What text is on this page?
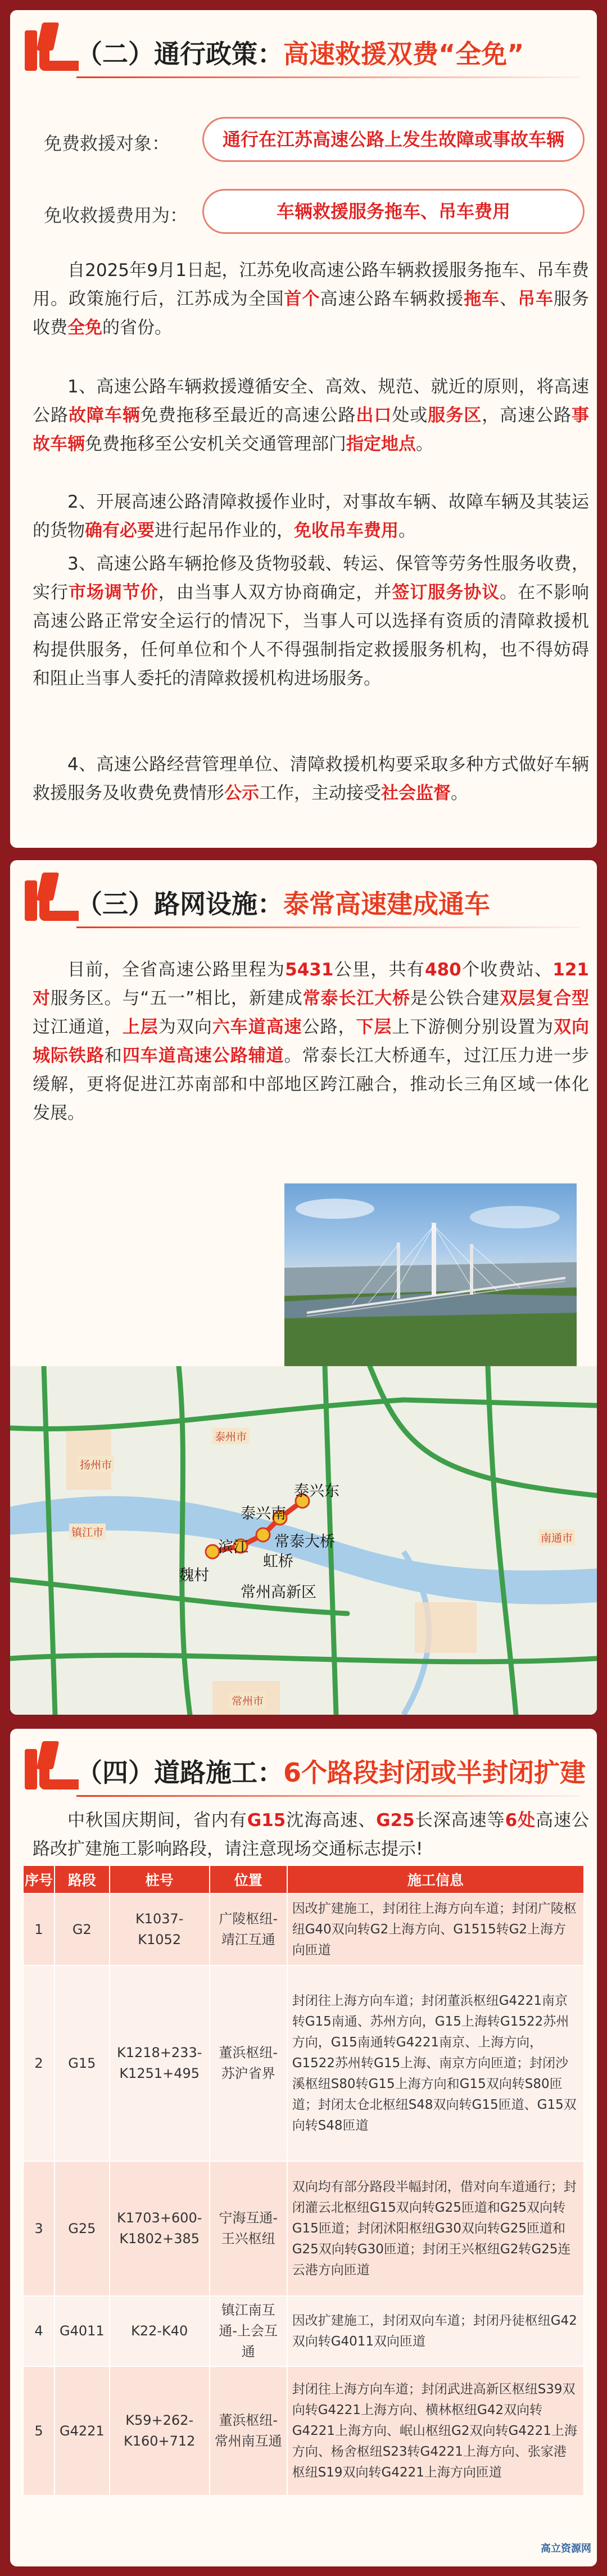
（二）通行政策：高速救援双费“全免”
免费救援对象：	通行在江苏高速公路上发生故障或事故车辆
免收救援费用为：	车辆救援服务拖车、吊车费用
自2025年9月1日起，江苏免收高速公路车辆救援服务拖车、吊车费用。政策施行后，江苏成为全国首个高速公路车辆救援拖车、吊车服务收费全免的省份。
1、高速公路车辆救援遵循安全、高效、规范、就近的原则，将高速公路故障车辆免费拖移至最近的高速公路出口处或服务区，高速公路事故车辆免费拖移至公安机关交通管理部门指定地点。
2、开展高速公路清障救援作业时，对事故车辆、故障车辆及其装运的货物确有必要进行起吊作业的，免收吊车费用。
3、高速公路车辆抢修及货物驳载、转运、保管等劳务性服务收费，实行市场调节价，由当事人双方协商确定，并签订服务协议。在不影响高速公路正常安全运行的情况下，当事人可以选择有资质的清障救援机构提供服务，任何单位和个人不得强制指定救援服务机构，也不得妨碍和阻止当事人委托的清障救援机构进场服务。
4、高速公路经营管理单位、清障救援机构要采取多种方式做好车辆救援服务及收费免费情形公示工作，主动接受社会监督。
（三）路网设施：泰常高速建成通车
目前，全省高速公路里程为5431公里，共有480个收费站、121对服务区。与“五一”相比，新建成常泰长江大桥是公铁合建双层复合型过江通道，上层为双向六车道高速公路，下层上下游侧分别设置为双向城际铁路和四车道高速公路辅道。常泰长江大桥通车，过江压力进一步缓解，更将促进江苏南部和中部地区跨江融合，推动长三角区域一体化发展。
泰兴东
泰兴南
常泰大桥
虹桥
魏村
滨江
常州高新区
扬州市
泰州市
镇江市	南通市
常州市
（四）道路施工：6个路段封闭或半封闭扩建
中秋国庆期间，省内有G15沈海高速、G25长深高速等6处高速公路改扩建施工影响路段，请注意现场交通标志提示!
序号	路段	桩号	位置	施工信息
1	G2	K1037-K1052	广陵枢纽-靖江互通	因改扩建施工，封闭往上海方向车道；封闭广陵枢纽G40双向转G2上海方向、G1515转G2上海方向匝道
2	G15	K1218+233-K1251+495	董浜枢纽-苏沪省界	封闭往上海方向车道；封闭董浜枢纽G4221南京转G15南通、苏州方向，G15上海转G1522苏州方向，G15南通转G4221南京、上海方向，G1522苏州转G15上海、南京方向匝道；封闭沙溪枢纽S80转G15上海方向和G15双向转S80匝道；封闭太仓北枢纽S48双向转G15匝道、G15双向转S48匝道
3	G25	K1703+600-K1802+385	宁海互通-王兴枢纽	双向均有部分路段半幅封闭，借对向车道通行；封闭灌云北枢纽G15双向转G25匝道和G25双向转G15匝道；封闭沭阳枢纽G30双向转G25匝道和G25双向转G30匝道；封闭王兴枢纽G2转G25连云港方向匝道
4	G4011	K22-K40	镇江南互通-上会互通	因改扩建施工，封闭双向车道；封闭丹徒枢纽G42双向转G4011双向匝道
5	G4221	K59+262-K160+712	董浜枢纽-常州南互通	封闭往上海方向车道；封闭武进高新区枢纽S39双向转G4221上海方向、横林枢纽G42双向转G4221上海方向、岷山枢纽G2双向转G4221上海方向、杨舍枢纽S23转G4221上海方向、张家港枢纽S19双向转G4221上海方向匝道
高立资源网
